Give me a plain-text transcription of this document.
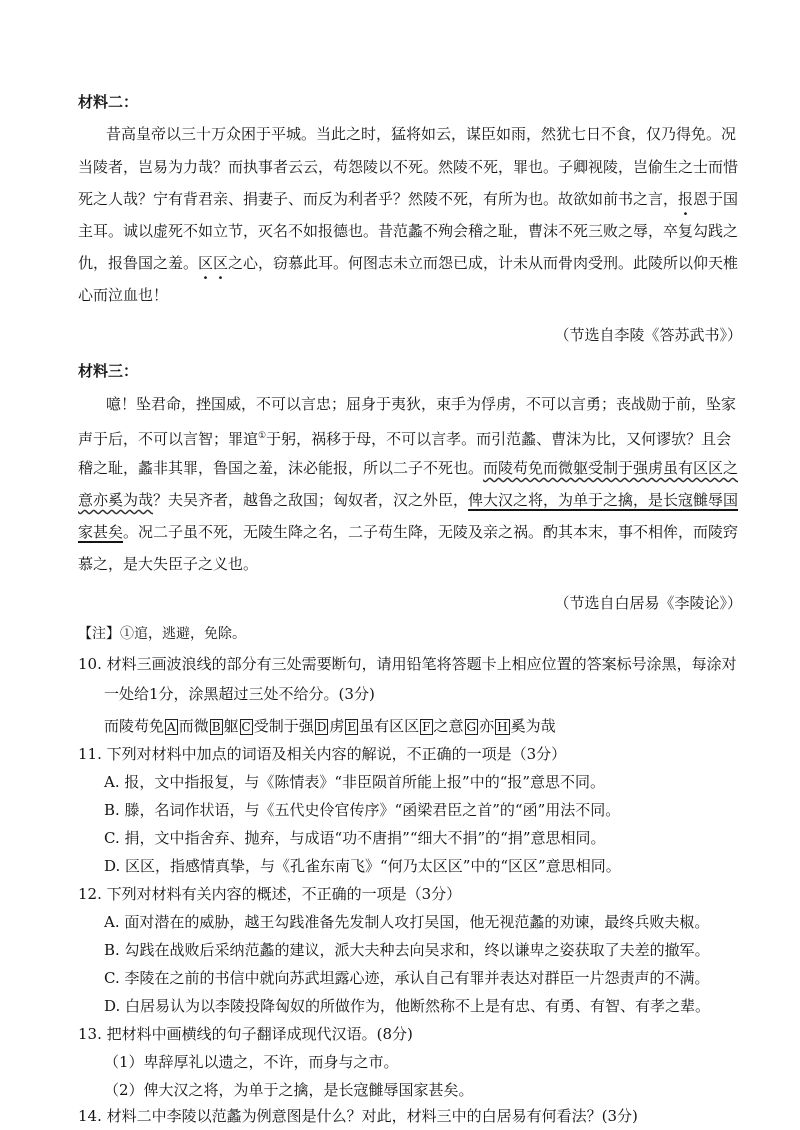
材料二：
昔高皇帝以三十万众困于平城。当此之时，猛将如云，谋臣如雨，然犹七日不食，仅乃得免。况
当陵者，岂易为力哉？而执事者云云，苟怨陵以不死。然陵不死，罪也。子卿视陵，岂偷生之士而惜
死之人哉？宁有背君亲、捐妻子、而反为利者乎？然陵不死，有所为也。故欲如前书之言，报恩于国
主耳。诚以虚死不如立节，灭名不如报德也。昔范蠡不殉会稽之耻，曹沫不死三败之辱，卒复勾践之
仇，报鲁国之羞。区区之心，窃慕此耳。何图志未立而怨已成，计未从而骨肉受刑。此陵所以仰天椎
心而泣血也！
（节选自李陵《答苏武书》）
材料三：
噫！坠君命，挫国威，不可以言忠；屈身于夷狄，束手为俘虏，不可以言勇；丧战勋于前，坠家
声于后，不可以言智；罪逭①于躬，祸移于母，不可以言孝。而引范蠡、曹沫为比，又何谬欤？且会
稽之耻，蠡非其罪，鲁国之羞，沫必能报，所以二子不死也。而陵苟免而微躯受制于强虏虽有区区之
意亦奚为哉？夫吴齐者，越鲁之敌国；匈奴者，汉之外臣，俾大汉之将，为单于之擒，是长寇雠辱国
家甚矣。况二子虽不死，无陵生降之名，二子苟生降，无陵及亲之祸。酌其本末，事不相侔，而陵窍
慕之，是大失臣子之义也。
（节选自白居易《李陵论》）
【注】①逭，逃避，免除。
10. 材料三画波浪线的部分有三处需要断句，请用铅笔将答题卡上相应位置的答案标号涂黑，每涂对
一处给1分，涂黑超过三处不给分。(3分)
而陵苟免 A 而微 B 躯 C 受制于强 D 虏 E 虽有区区 F 之意 G 亦 H 奚为哉
11. 下列对材料中加点的词语及相关内容的解说，不正确的一项是（3分）
A. 报，文中指报复，与《陈情表》“非臣陨首所能上报”中的“报”意思不同。
B. 滕，名词作状语，与《五代史伶官传序》“函梁君臣之首”的“函”用法不同。
C. 捐，文中指舍弃、抛弃，与成语“功不唐捐”“细大不捐”的“捐”意思相同。
D. 区区，指感情真挚，与《孔雀东南飞》“何乃太区区”中的“区区”意思相同。
12. 下列对材料有关内容的概述，不正确的一项是（3分）
A. 面对潜在的威胁，越王勾践准备先发制人攻打吴国，他无视范蠡的劝谏，最终兵败夫椒。
B. 勾践在战败后采纳范蠡的建议，派大夫种去向吴求和，终以谦卑之姿获取了夫差的撤军。
C. 李陵在之前的书信中就向苏武坦露心迹，承认自己有罪并表达对群臣一片怨责声的不满。
D. 白居易认为以李陵投降匈奴的所做作为，他断然称不上是有忠、有勇、有智、有孝之辈。
13. 把材料中画横线的句子翻译成现代汉语。(8分)
（1）卑辞厚礼以遗之，不许，而身与之市。
（2）俾大汉之将，为单于之擒，是长寇雠辱国家甚矣。
14. 材料二中李陵以范蠡为例意图是什么？对此，材料三中的白居易有何看法？(3分)
